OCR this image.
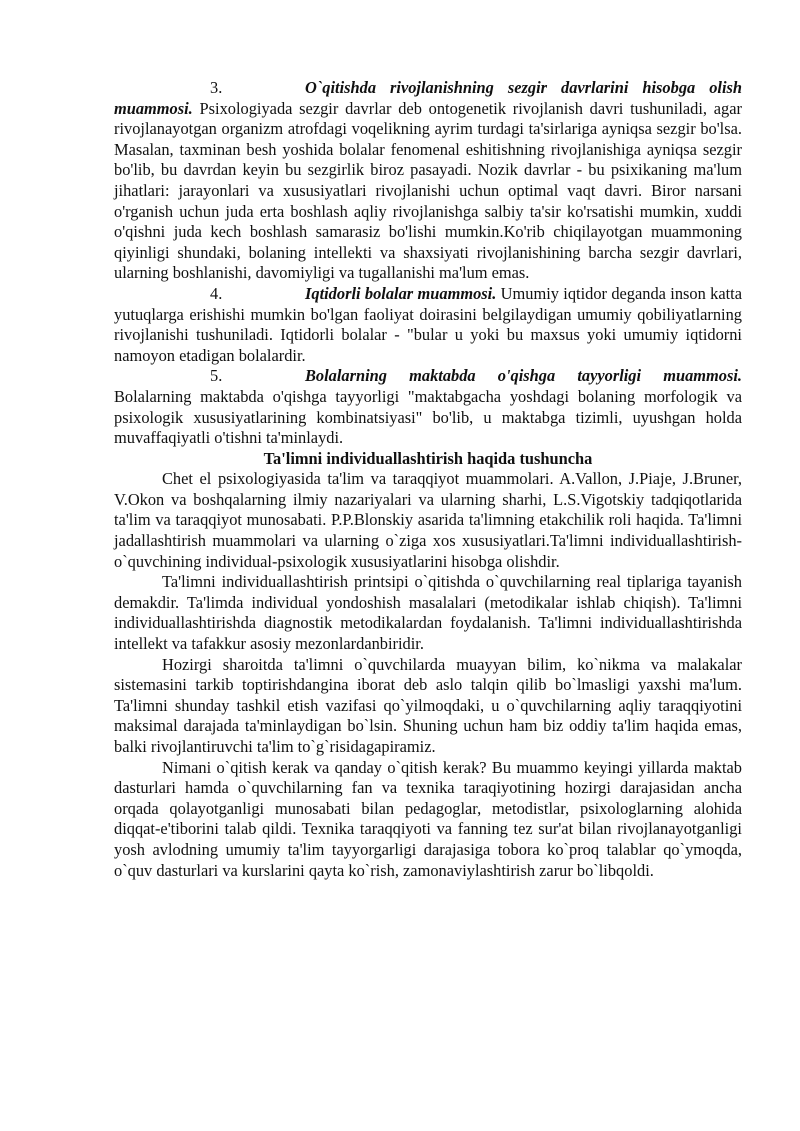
3.	O`qitishda rivojlanishning sezgir davrlarini hisobga olish muammosi. Psixologiyada sezgir davrlar deb ontogenetik rivojlanish davri tushuniladi, agar rivojlanayotgan organizm atrofdagi voqelikning ayrim turdagi ta'sirlariga ayniqsa sezgir bo'lsa. Masalan, taxminan besh yoshida bolalar fenomenal eshitishning rivojlanishiga ayniqsa sezgir bo'lib, bu davrdan keyin bu sezgirlik biroz pasayadi. Nozik davrlar - bu psixikaning ma'lum jihatlari: jarayonlari va xususiyatlari rivojlanishi uchun optimal vaqt davri. Biror narsani o'rganish uchun juda erta boshlash aqliy rivojlanishga salbiy ta'sir ko'rsatishi mumkin, xuddi o'qishni juda kech boshlash samarasiz bo'lishi mumkin.Ko'rib chiqilayotgan muammoning qiyinligi shundaki, bolaning intellekti va shaxsiyati rivojlanishining barcha sezgir davrlari, ularning boshlanishi, davomiyligi va tugallanishi ma'lum emas.

4.	Iqtidorli bolalar muammosi. Umumiy iqtidor deganda inson katta yutuqlarga erishishi mumkin bo'lgan faoliyat doirasini belgilaydigan umumiy qobiliyatlarning rivojlanishi tushuniladi. Iqtidorli bolalar - "bular u yoki bu maxsus yoki umumiy iqtidorni namoyon etadigan bolalardir.

5.	Bolalarning maktabda o'qishga tayyorligi muammosi. Bolalarning maktabda o'qishga tayyorligi "maktabgacha yoshdagi bolaning morfologik va psixologik xususiyatlarining kombinatsiyasi" bo'lib, u maktabga tizimli, uyushgan holda muvaffaqiyatli o'tishni ta'minlaydi.

Ta'limni individuallashtirish haqida tushuncha

Chet el psixologiyasida ta'lim va taraqqiyot muammolari. A.Vallon, J.Piaje, J.Bruner, V.Okon va boshqalarning ilmiy nazariyalari va ularning sharhi, L.S.Vigotskiy tadqiqotlarida ta'lim va taraqqiyot munosabati. P.P.Blonskiy asarida ta'limning etakchilik roli haqida. Ta'limni jadallashtirish muammolari va ularning o`ziga xos xususiyatlari.Ta'limni individuallashtirish-o`quvchining individual-psixologik xususiyatlarini hisobga olishdir.

Ta'limni individuallashtirish printsipi o`qitishda o`quvchilarning real tiplariga tayanish demakdir. Ta'limda individual yondoshish masalalari (metodikalar ishlab chiqish). Ta'limni individuallashtirishda diagnostik metodikalardan foydalanish. Ta'limni individuallashtirishda intellekt va tafakkur asosiy mezonlardanbiridir.

Hozirgi sharoitda ta'limni o`quvchilarda muayyan bilim, ko`nikma va malakalar sistemasini tarkib toptirishdangina iborat deb aslo talqin qilib bo`lmasligi yaxshi ma'lum. Ta'limni shunday tashkil etish vazifasi qo`yilmoqdaki, u o`quvchilarning aqliy taraqqiyotini maksimal darajada ta'minlaydigan bo`lsin. Shuning uchun ham biz oddiy ta'lim haqida emas, balki rivojlantiruvchi ta'lim to`g`risidagapiramiz.

Nimani o`qitish kerak va qanday o`qitish kerak? Bu muammo keyingi yillarda maktab dasturlari hamda o`quvchilarning fan va texnika taraqiyotining hozirgi darajasidan ancha orqada qolayotganligi munosabati bilan pedagoglar, metodistlar, psixologlarning alohida diqqat-e'tiborini talab qildi. Texnika taraqqiyoti va fanning tez sur'at bilan rivojlanayotganligi yosh avlodning umumiy ta'lim tayyorgarligi darajasiga tobora ko`proq talablar qo`ymoqda, o`quv dasturlari va kurslarini qayta ko`rish, zamonaviylashtirish zarur bo`libqoldi.
